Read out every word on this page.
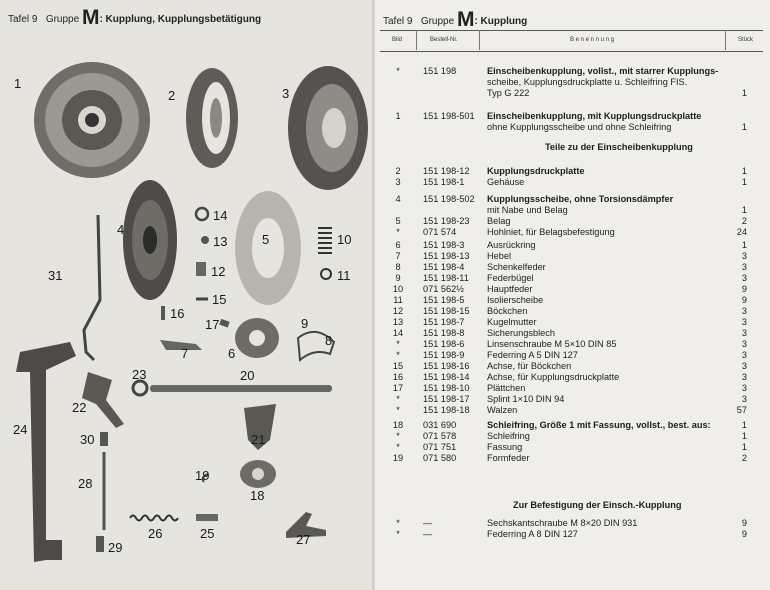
Tafel 9 Gruppe M: Kupplung, Kupplungsbetätigung
1
2	3
4
5	10
14
13
12
15
11
31
16
17
6
7
9
8
23	20
22
24
30	21
19
18
28
26	25	27
29
Tafel 9 Gruppe M: Kupplung
Bild	Bestell-Nr.	B e n e n n u n g	Stück
*	151 198	Einscheibenkupplung, vollst., mit starrer Kupplungs-
scheibe, Kupplungsdruckplatte u. Schleifring FIS.
Typ G 222	1
1	151 198-501 Einscheibenkupplung, mit Kupplungsdruckplatte
ohne Kupplungsscheibe und ohne Schleifring	1
2	151 198-12 Kupplungsdruckplatte	1
3	151 198-1 Gehäuse	1
4	151 198-502 Kupplungsscheibe, ohne Torsionsdämpfer
mit Nabe und Belag	1
5	151 198-23 Belag	2
*	071 574	Hohlniet, für Belagsbefestigung	24
6	151 198-3 Ausrückring	1
7	151 198-13 Hebel	3
8	151 198-4 Schenkelfeder	3
9	151 198-11 Federbügel	3
10	071 562½	Hauptfeder	9
11	151 198-5 Isolierscheibe	9
12	151 198-15 Böckchen	3
13	151 198-7 Kugelmutter	3
14	151 198-8 Sicherungsblech	3
*	151 198-6 Linsenschraube M 5×10 DIN 85	3
*	151 198-9 Federring A 5 DIN 127	3
15	151 198-16 Achse, für Böckchen	3
16	151 198-14 Achse, für Kupplungsdruckplatte	3
17	151 198-10 Plättchen	3
*	151 198-17 Splint 1×10 DIN 94	3
*	151 198-18 Walzen	57
18	031 690	Schleifring, Größe 1 mit Fassung, vollst., best. aus:	1
*	071 578	Schleifring	1
*	071 751	Fassung	1
19	071 580	Formfeder	2
*	—	Sechskantschraube M 8×20 DIN 931	9
*	—	Federring A 8 DIN 127	9
Teile zu der Einscheibenkupplung
Zur Befestigung der Einsch.-Kupplung
